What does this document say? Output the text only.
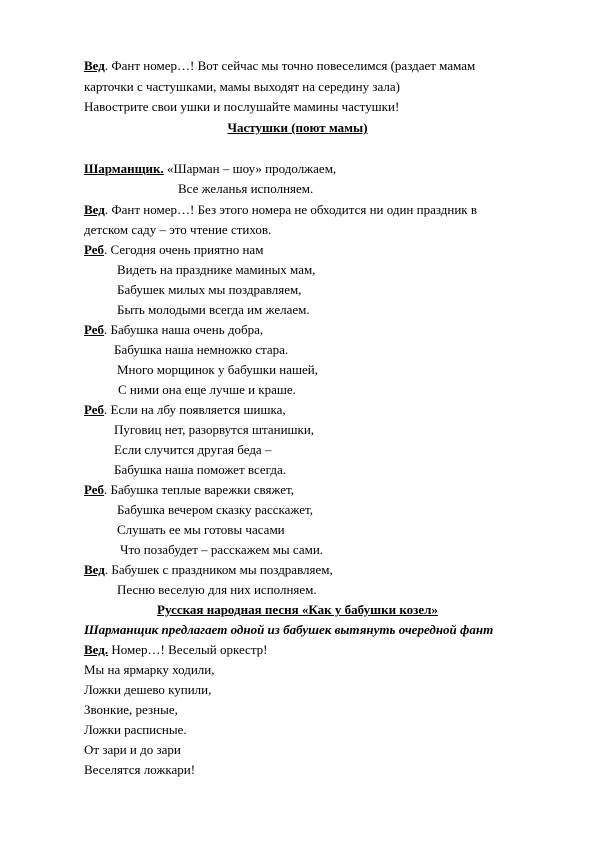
Вед. Фант номер…! Вот сейчас мы точно повеселимся (раздает мамам
карточки с частушками, мамы выходят на середину зала)
Навострите свои ушки и послушайте мамины частушки!
Частушки (поют мамы)
Шарманщик. «Шарман – шоу» продолжаем,
Все желанья исполняем.
Вед. Фант номер…! Без этого номера не обходится ни один праздник в
детском саду – это чтение стихов.
Реб. Сегодня очень приятно нам
Видеть на празднике маминых мам,
Бабушек милых мы поздравляем,
Быть молодыми всегда им желаем.
Реб. Бабушка наша очень добра,
Бабушка наша немножко стара.
Много морщинок у бабушки нашей,
С ними она еще лучше и краше.
Реб. Если на лбу появляется шишка,
Пуговиц нет, разорвутся штанишки,
Если случится другая беда –
Бабушка наша поможет всегда.
Реб. Бабушка теплые варежки свяжет,
Бабушка вечером сказку расскажет,
Слушать ее мы готовы часами
Что позабудет – расскажем мы сами.
Вед. Бабушек с праздником мы поздравляем,
Песню веселую для них исполняем.
Русская народная песня «Как у бабушки козел»
Шарманщик предлагает одной из бабушек вытянуть очередной фант
Вед. Номер…! Веселый оркестр!
Мы на ярмарку ходили,
Ложки дешево купили,
Звонкие, резные,
Ложки расписные.
От зари и до зари
Веселятся ложкари!
